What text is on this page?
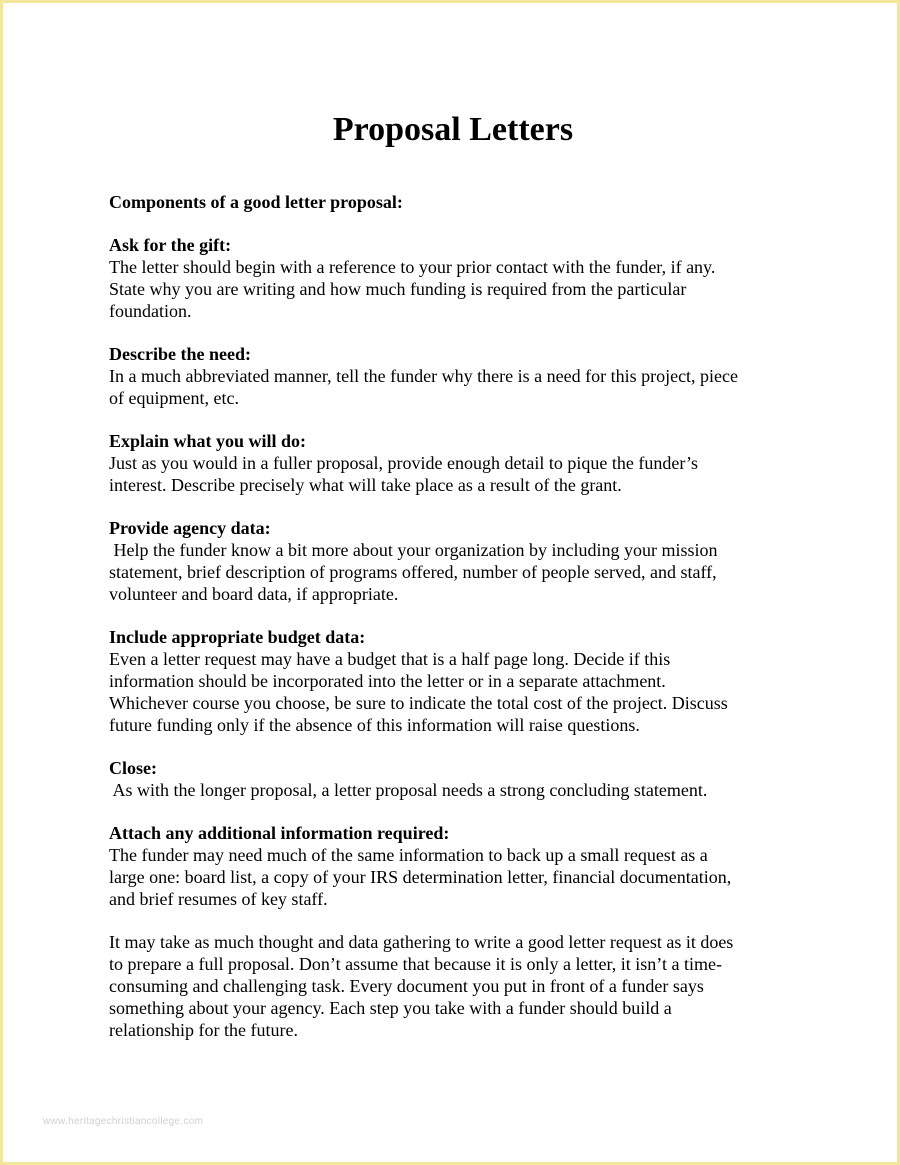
Proposal Letters
Components of a good letter proposal:
Ask for the gift:
The letter should begin with a reference to your prior contact with the funder, if any.
State why you are writing and how much funding is required from the particular
foundation.
Describe the need:
In a much abbreviated manner, tell the funder why there is a need for this project, piece
of equipment, etc.
Explain what you will do:
Just as you would in a fuller proposal, provide enough detail to pique the funder’s
interest. Describe precisely what will take place as a result of the grant.
Provide agency data:
Help the funder know a bit more about your organization by including your mission
statement, brief description of programs offered, number of people served, and staff,
volunteer and board data, if appropriate.
Include appropriate budget data:
Even a letter request may have a budget that is a half page long. Decide if this
information should be incorporated into the letter or in a separate attachment.
Whichever course you choose, be sure to indicate the total cost of the project. Discuss
future funding only if the absence of this information will raise questions.
Close:
As with the longer proposal, a letter proposal needs a strong concluding statement.
Attach any additional information required:
The funder may need much of the same information to back up a small request as a
large one: board list, a copy of your IRS determination letter, financial documentation,
and brief resumes of key staff.
It may take as much thought and data gathering to write a good letter request as it does
to prepare a full proposal. Don’t assume that because it is only a letter, it isn’t a time-
consuming and challenging task. Every document you put in front of a funder says
something about your agency. Each step you take with a funder should build a
relationship for the future.
www.heritagechristiancollege.com
